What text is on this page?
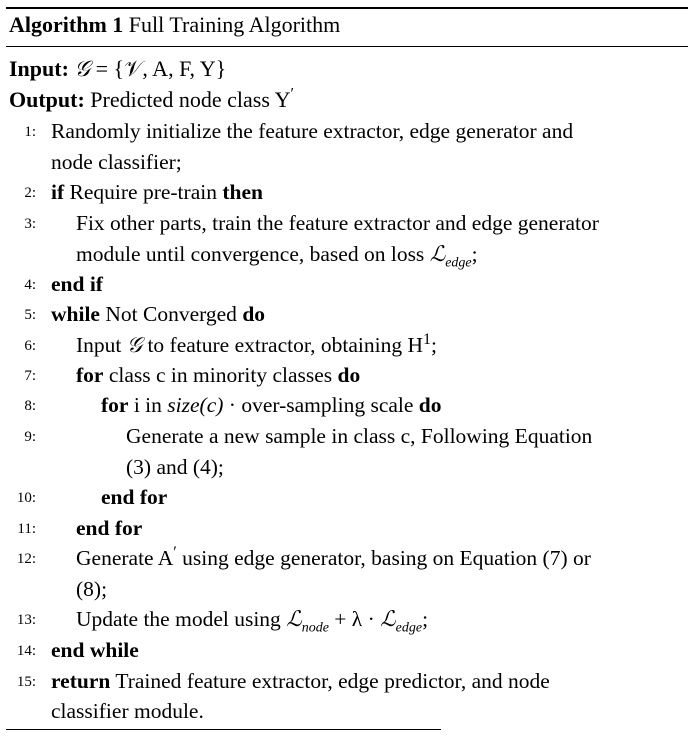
Algorithm 1 Full Training Algorithm
Input: 𝒢 = {𝒱, A, F, Y}
Output: Predicted node class Y′
1: Randomly initialize the feature extractor, edge generator and
node classifier;
2: if Require pre-train then
3: Fix other parts, train the feature extractor and edge generator
module until convergence, based on loss ℒ$_{edge}$;
4: end if
5: while Not Converged do
6: Input 𝒢 to feature extractor, obtaining $H^1$;
7: for class c in minority classes do
8:	for i in size(c) · over-sampling scale do
9:	Generate a new sample in class c, Following Equation
(3) and (4);
10:	end for
11: end for
12: Generate A′ using edge generator, basing on Equation (7) or
(8);
13: Update the model using ℒ$_{node}$ + λ · ℒ$_{edge}$;
14: end while
15: return Trained feature extractor, edge predictor, and node
classifier module.
